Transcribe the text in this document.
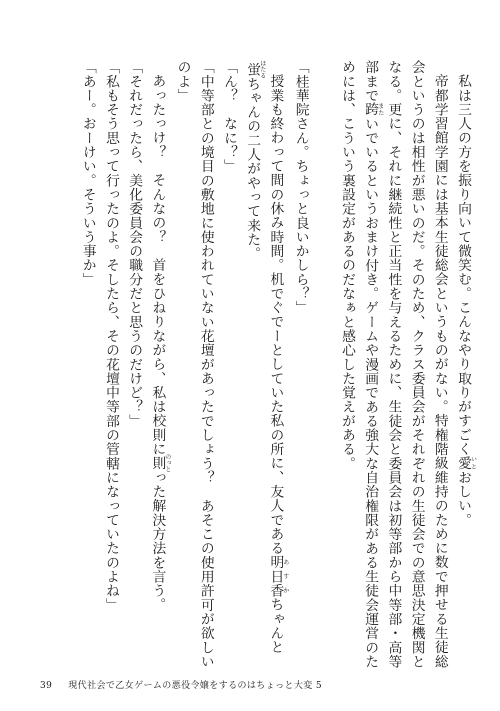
私は三人の方を振り向いて微笑む。こんなやり取りがすごく愛いとおしい。

帝都学習館学園には基本生徒総会というものがない。特権階級維持のために数で押せる生徒総会というのは相性が悪いのだ。そのため、クラス委員会がそれぞれの生徒会での意思決定機関となる。更に、それに継続性と正当性を与えるために、生徒会と委員会は初等部から中等部・高等部まで跨またいでいるというおまけ付き。ゲームや漫画である強大な自治権限がある生徒会運営のためには、こういう裏設定があるのだなぁと感心した覚えがある。

「桂華院さん。ちょっと良いかしら？」

授業も終わって間の休み時間。机でぐでーとしていた私の所に、友人である明日香あすかちゃんと蛍ほたるちゃんの二人がやって来た。

「ん？　なに？」

「中等部との境目の敷地に使われていない花壇があったでしょう？　あそこの使用許可が欲しいのよ」

あったっけ？　そんなの？　首をひねりながら、私は校則に則のっとった解決方法を言う。

「それだったら、美化委員会の職分だと思うのだけど？」

「私もそう思って行ったのよ。そしたら、その花壇中等部の管轄になっていたのよね」

「あー。おーけい。そういう事か」

39 現代社会で乙女ゲームの悪役令嬢をするのはちょっと大変 5
